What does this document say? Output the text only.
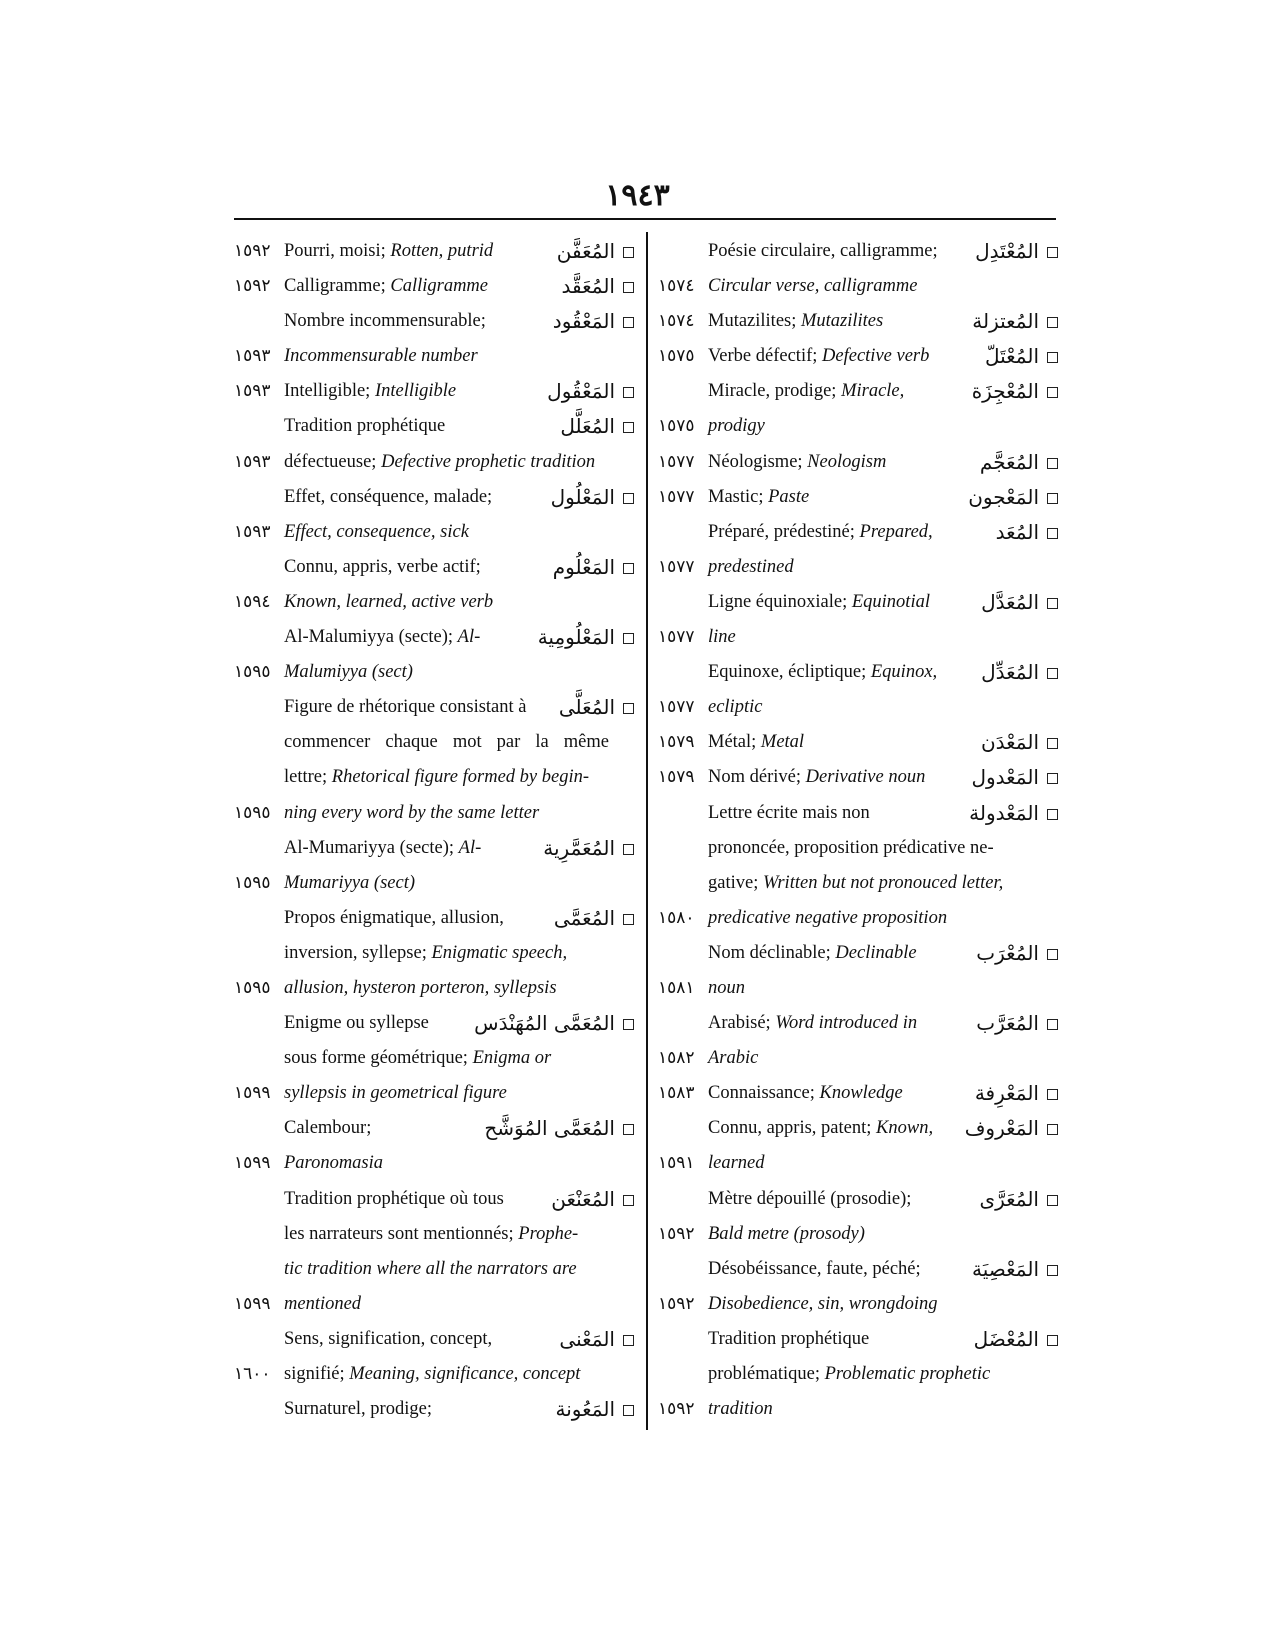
١٩٤٣
Poésie circulaire, calligramme; المُعْتَدِل
١٥٧٤ Circular verse, calligramme
١٥٧٤ Mutazilites; Mutazilites	المُعتزلة
١٥٧٥ Verbe défectif; Defective verb	المُعْتَلّ
Miracle, prodige; Miracle,	المُعْجِزَة
١٥٧٥ prodigy
١٥٧٧ Néologisme; Neologism	المُعَجَّم
١٥٧٧ Mastic; Paste	المَعْجون
Préparé, prédestiné; Prepared,	المُعَد
١٥٧٧ predestined
Ligne équinoxiale; Equinotial	المُعَدَّل
١٥٧٧ line
Equinoxe, écliptique; Equinox, المُعَدِّل
١٥٧٧ ecliptic
١٥٧٩ Métal; Metal	المَعْدَن
١٥٧٩ Nom dérivé; Derivative noun المَعْدول
Lettre écrite mais non	المَعْدولة
prononcée, proposition prédicative ne-
gative; Written but not pronouced letter,
١٥٨٠ predicative negative proposition
Nom déclinable; Declinable	المُعْرَب
١٥٨١ noun
Arabisé; Word introduced in	المُعَرَّب
١٥٨٢ Arabic
١٥٨٣ Connaissance; Knowledge	المَعْرِفة
Connu, appris, patent; Known, المَعْروف
١٥٩١ learned
Mètre dépouillé (prosodie);	المُعَرَّى
١٥٩٢ Bald metre (prosody)
Désobéissance, faute, péché;	المَعْصِيَة
١٥٩٢ Disobedience, sin, wrongdoing
Tradition prophétique	المُعْضَل
problématique; Problematic prophetic
١٥٩٢ tradition
١٥٩٢ Pourri, moisi; Rotten, putrid	المُعَفَّن
١٥٩٢ Calligramme; Calligramme	المُعَقَّد
Nombre incommensurable;	المَعْقُود
١٥٩٣ Incommensurable number
١٥٩٣ Intelligible; Intelligible	المَعْقُول
Tradition prophétique	المُعَلَّل
١٥٩٣ défectueuse; Defective prophetic tradition
Effet, conséquence, malade;	المَعْلُول
١٥٩٣ Effect, consequence, sick
Connu, appris, verbe actif;	المَعْلُوم
١٥٩٤ Known, learned, active verb
Al-Malumiyya (secte); Al-	المَعْلُومِية
١٥٩٥ Malumiyya (sect)
Figure de rhétorique consistant à المُعَلَّى
commencer chaque mot par la même
lettre; Rhetorical figure formed by begin-
١٥٩٥ ning every word by the same letter
Al-Mumariyya (secte); Al-	المُعَمَّرِية
١٥٩٥ Mumariyya (sect)
Propos énigmatique, allusion, المُعَمَّى
inversion, syllepse; Enigmatic speech,
١٥٩٥ allusion, hysteron porteron, syllepsis
Enigme ou syllepse المُعَمَّى المُهَنْدَس
sous forme géométrique; Enigma or
١٥٩٩ syllepsis in geometrical figure
Calembour;	المُعَمَّى المُوَشَّح
١٥٩٩ Paronomasia
Tradition prophétique où tous المُعَنْعَن
les narrateurs sont mentionnés; Prophe-
tic tradition where all the narrators are
١٥٩٩ mentioned
Sens, signification, concept,	المَعْنى
١٦٠٠ signifié; Meaning, significance, concept
Surnaturel, prodige;	المَعُونة
